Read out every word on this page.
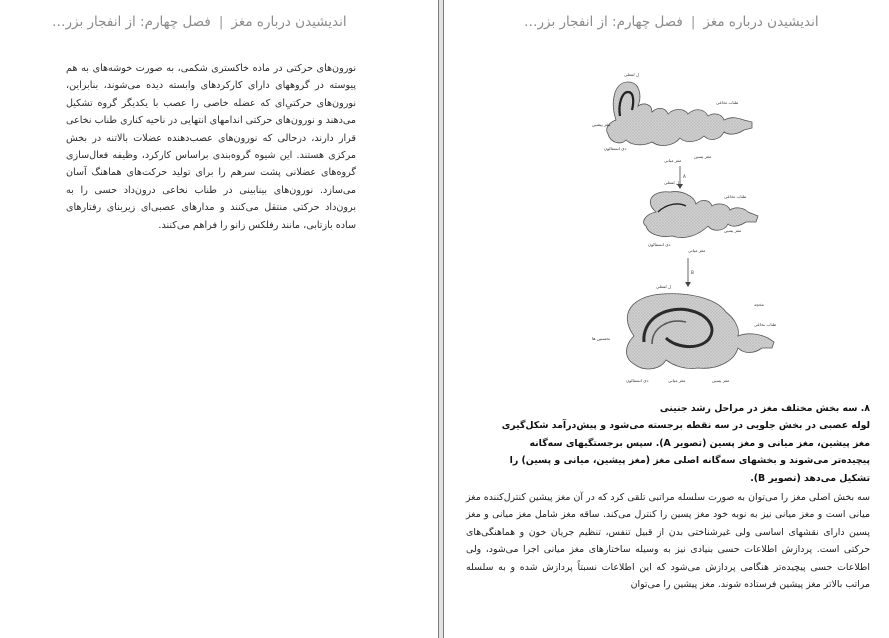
اندیشیدن درباره مغز|فصل چهارم: از انفجار بزر…

نورون‌های حرکتی در ماده خاکستری شکمی، به صورت خوشه‌های به هم پیوسته در گروههای دارای کارکردهای وابسته دیده می‌شوند، بنابراین، نورون‌های حرکتیِ‌ای که عضله خاصی را عصب با یکدیگر گروه تشکیل می‌دهند و نورون‌های حرکتی اندامهای انتهایی در ناحیه کناری طناب نخاعی قرار دارند، درحالی که نورون‌های عصب‌دهنده عضلات بالاتنه در بخش مرکزی هستند. این شیوه گروه‌بندی براساس کارکرد، وظیفه فعال‌سازی گروه‌های عضلانی پشت سرهم را برای تولید حرکت‌های هماهنگ آسان می‌سازد. نورون‌های بینابینی در طناب نخاعی درون‌داد حسی را به برون‌داد حرکتی منتقل می‌کنند و مدارهای عصبی‌ای زیربنای رفتارهای ساده بازتابی، مانند رفلکس زانو را فراهم می‌کنند.

اندیشیدن درباره مغز|فصل چهارم: از انفجار بزر…
ل لمعلی
طناب نخاعی
دی انسفالون
مغز پسین
مغز میانی
مغز پیشین
A
ل لمعلی
طناب نخاعی
دی انسفالون
مغز پسین
مغز میانی
B
ل لمعلی
مخچه
طناب نخاعی
نخستین ها
دی انسفالون	مغز میانی	مغز پسین

۸. سه بخش مختلف مغز در مراحل رشد جنینی

لوله عصبی در بخش جلویی در سه نقطه برجسته می‌شود و پیش‌درآمد شکل‌گیری

مغز پیشین، مغز میانی و مغز پسین (تصویر A). سپس برجستگیهای سه‌گانه

پیچیده‌تر می‌شوند و بخشهای سه‌گانه اصلی مغز (مغز پیشین، میانی و پسین) را

تشکیل می‌دهد (تصویر B).

سه بخش اصلی مغز را می‌توان به صورت سلسله مراتبی تلقی کرد که در آن مغز پیشین کنترل‌کننده مغز میانی است و مغز میانی نیز به نوبه خود مغز پسین را کنترل می‌کند. ساقه مغز شامل مغز میانی و مغز پسین دارای نقشهای اساسی ولی غیرشناختی بدن از قبیل تنفس، تنظیم جریان خون و هماهنگی‌های حرکتی است. پردازش اطلاعات حسی بنیادی نیز به وسیله ساختارهای مغز میانی اجرا می‌شود، ولی اطلاعات حسی پیچیده‌تر هنگامی پردازش می‌شود که این اطلاعات نسبتاً پردازش شده و به سلسله مراتب بالاتر مغز پیشین فرستاده شوند. مغز پیشین را می‌توان
